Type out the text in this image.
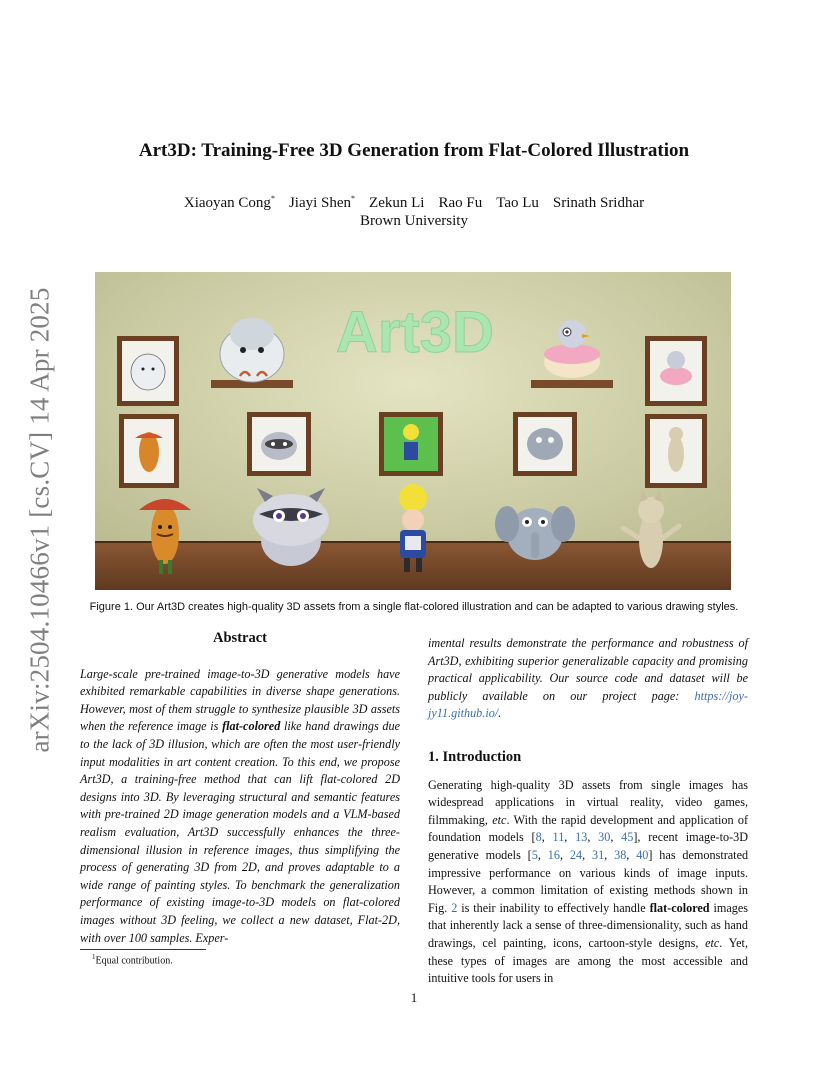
arXiv:2504.10466v1 [cs.CV] 14 Apr 2025
Art3D: Training-Free 3D Generation from Flat-Colored Illustration
Xiaoyan Cong* Jiayi Shen* Zekun Li Rao Fu Tao Lu Srinath Sridhar
Brown University
Art3D
Figure 1. Our Art3D creates high-quality 3D assets from a single flat-colored illustration and can be adapted to various drawing styles.
Abstract

Large-scale pre-trained image-to-3D generative models have exhibited remarkable capabilities in diverse shape generations. However, most of them struggle to synthesize plausible 3D assets when the reference image is flat-colored like hand drawings due to the lack of 3D illusion, which are often the most user-friendly input modalities in art content creation. To this end, we propose Art3D, a training-free method that can lift flat-colored 2D designs into 3D. By leveraging structural and semantic features with pre-trained 2D image generation models and a VLM-based realism evaluation, Art3D successfully enhances the three-dimensional illusion in reference images, thus simplifying the process of generating 3D from 2D, and proves adaptable to a wide range of painting styles. To benchmark the generalization performance of existing image-to-3D models on flat-colored images without 3D feeling, we collect a new dataset, Flat-2D, with over 100 samples. Exper-

imental results demonstrate the performance and robustness of Art3D, exhibiting superior generalizable capacity and promising practical applicability. Our source code and dataset will be publicly available on our project page: https://joy-jy11.github.io/.

1. Introduction

Generating high-quality 3D assets from single images has widespread applications in virtual reality, video games, filmmaking, etc. With the rapid development and application of foundation models [8, 11, 13, 30, 45], recent image-to-3D generative models [5, 16, 24, 31, 38, 40] has demonstrated impressive performance on various kinds of image inputs. However, a common limitation of existing methods shown in Fig. 2 is their inability to effectively handle flat-colored images that inherently lack a sense of three-dimensionality, such as hand drawings, cel painting, icons, cartoon-style designs, etc. Yet, these types of images are among the most accessible and intuitive tools for users in

$^1$Equal contribution.
1
